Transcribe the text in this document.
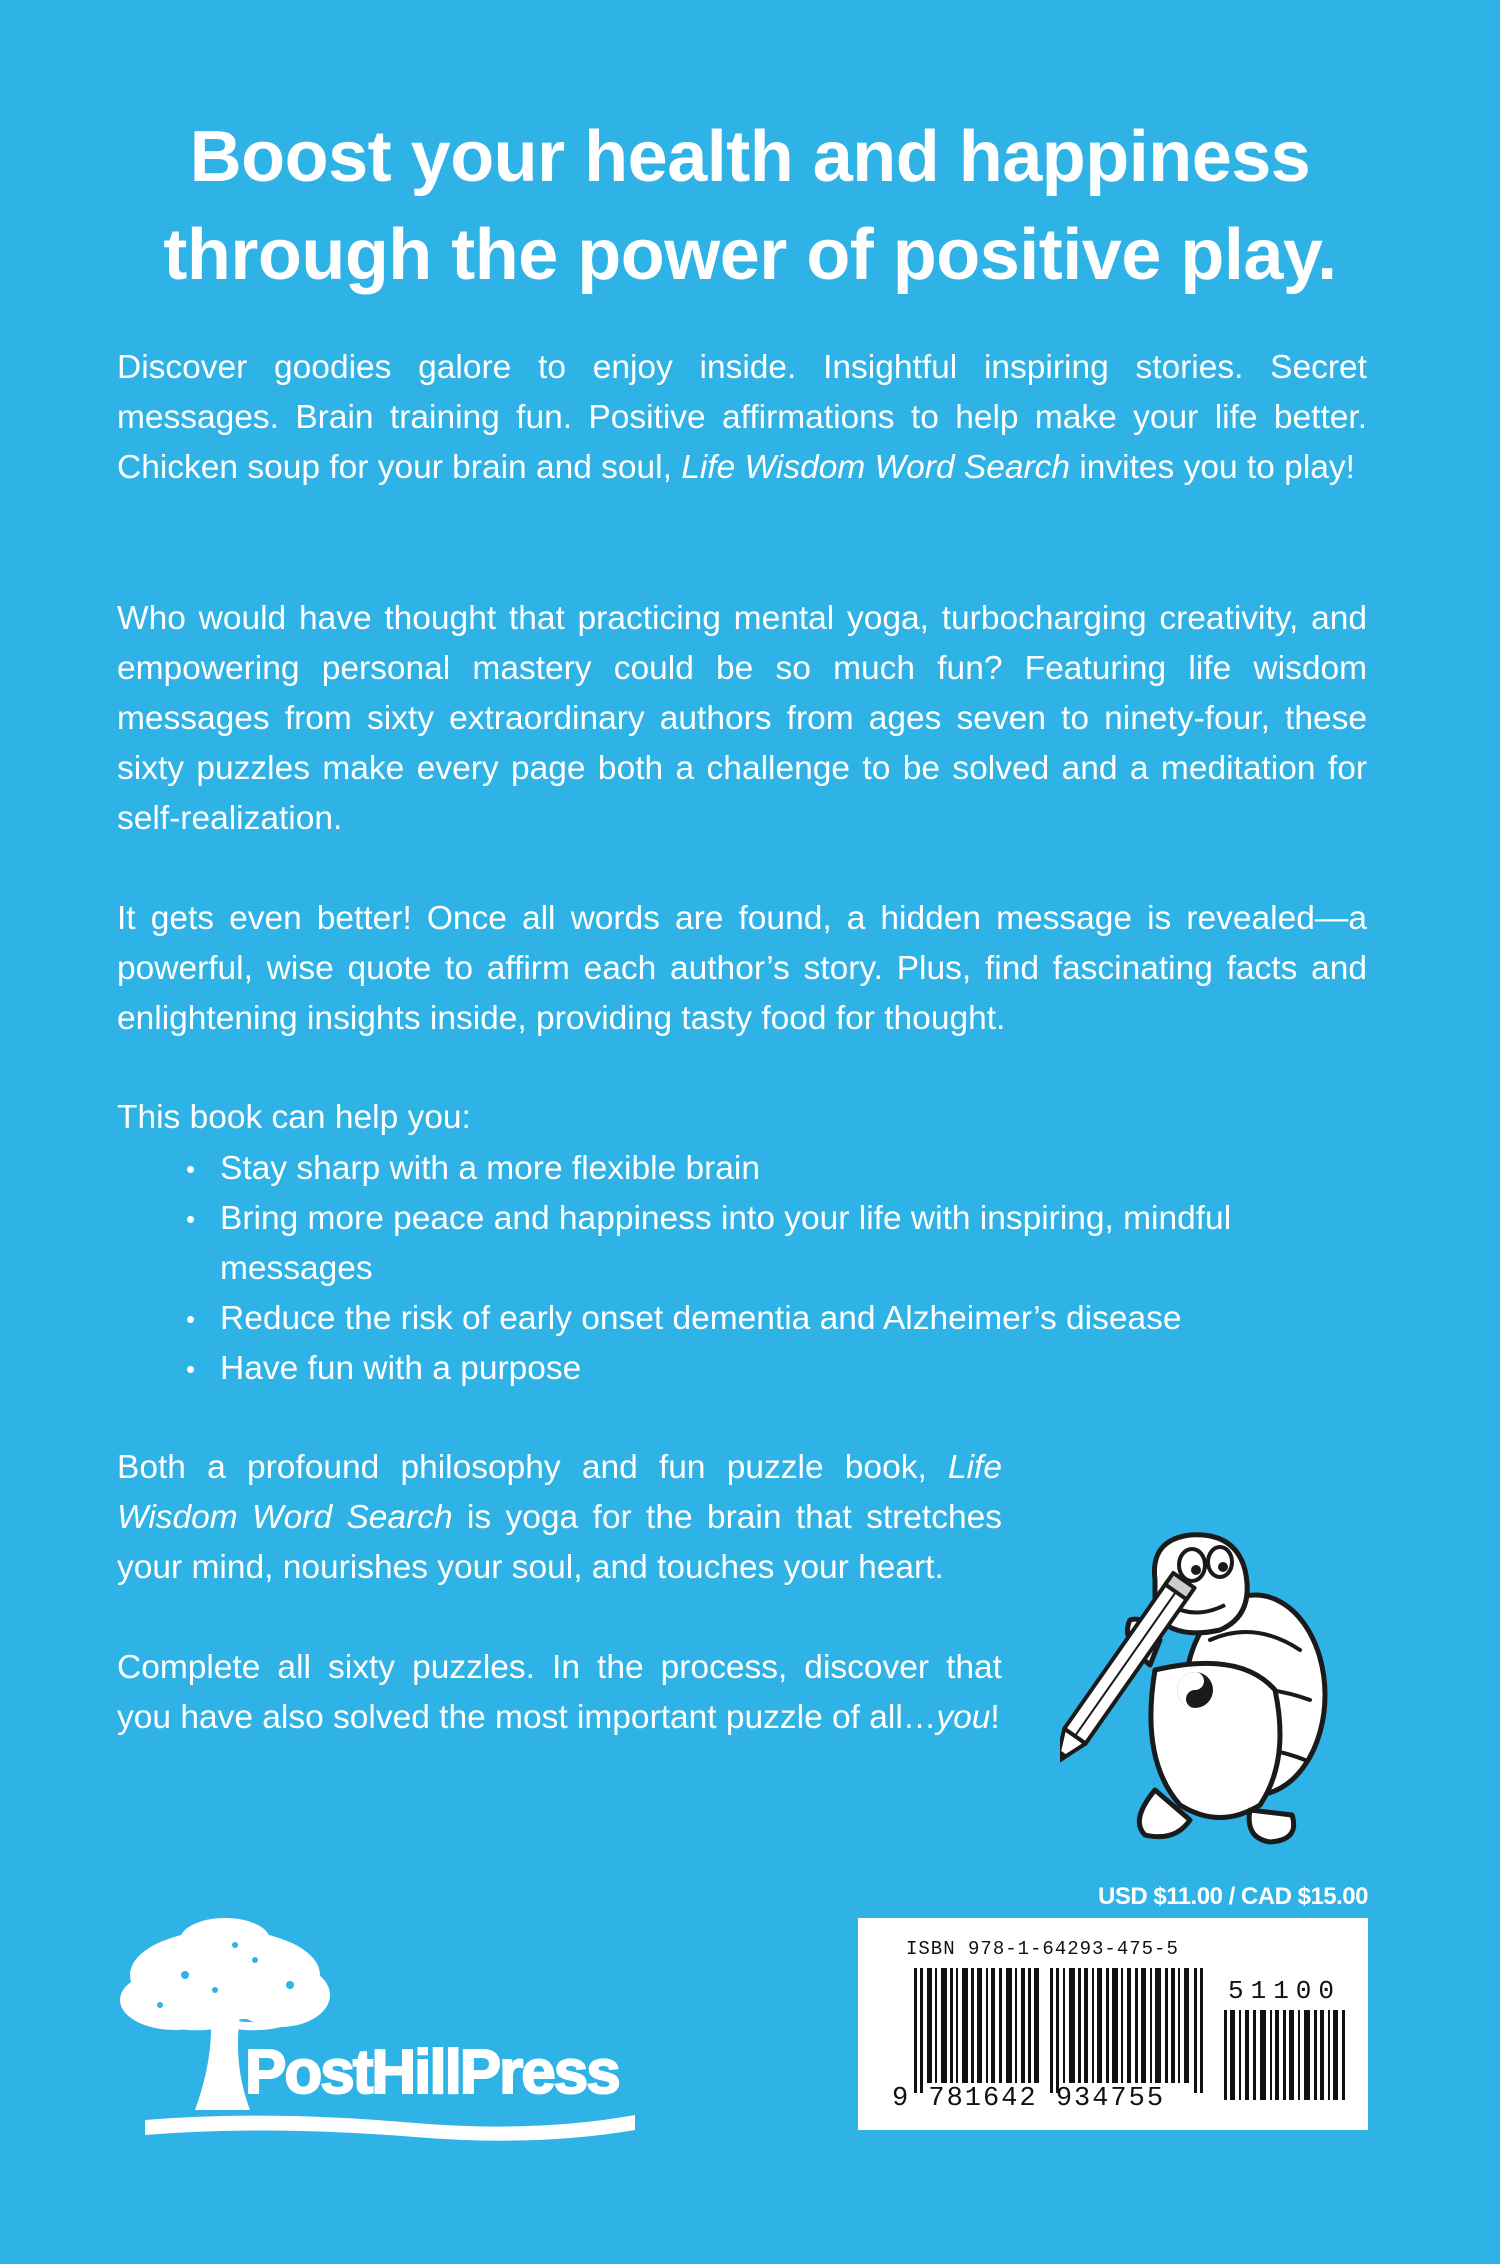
Boost your health and happiness
through the power of positive play.
Discover goodies galore to enjoy inside. Insightful inspiring stories. Secret messages. Brain training fun. Positive affirmations to help make your life better. Chicken soup for your brain and soul, Life Wisdom Word Search invites you to play!
Who would have thought that practicing mental yoga, turbocharging creativity, and empowering personal mastery could be so much fun? Featuring life wisdom messages from sixty extraordinary authors from ages seven to ninety-four, these sixty puzzles make every page both a challenge to be solved and a meditation for self-realization.
It gets even better! Once all words are found, a hidden message is revealed—a powerful, wise quote to affirm each author’s story. Plus, find fascinating facts and enlightening insights inside, providing tasty food for thought.
This book can help you:
• Stay sharp with a more flexible brain
• Bring more peace and happiness into your life with inspiring, mindful messages
• Reduce the risk of early onset dementia and Alzheimer’s disease
• Have fun with a purpose
Both a profound philosophy and fun puzzle book, Life Wisdom Word Search is yoga for the brain that stretches your mind, nourishes your soul, and touches your heart.
Complete all sixty puzzles. In the process, discover that you have also solved the most important puzzle of all…you!
USD $11.00 / CAD $15.00
ISBN 978-1-64293-475-5
51100
9 781642 934755
PostHillPress
